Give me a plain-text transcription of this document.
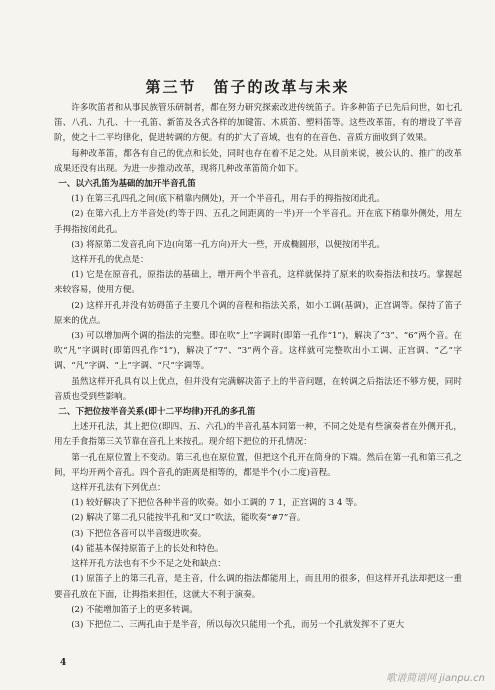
第三节　笛子的改革与未来

许多吹笛者和从事民族管乐研制者，都在努力研究探索改进传统笛子。许多种笛子已先后问世，如七孔笛、八孔、九孔、十一孔笛、新笛及各式各样的加键笛、木质笛、塑料笛等。这些改革笛，有的增设了半音阶，使之十二平均律化，促进转调的方便。有的扩大了音域，也有的在音色、音质方面收到了效果。

每种改革笛，都各有自己的优点和长处，同时也存在着不足之处。从目前来说，被公认的、推广的改革成果还没有出现。为进一步推动改革，现将几种改革笛简介如下。

一、以六孔笛为基础的加开半音孔笛

(1) 在第三孔四孔之间(底下稍靠内侧处)，开一个半音孔，用右手的拇指按闭此孔。

(2) 在第六孔上方半音处(约等于四、五孔之间距离的一半)开一个半音孔。开在底下稍靠外侧处，用左手拇指按闭此孔。

(3) 将原第二发音孔向下边(向第一孔方向)开大一些，开成椭圆形，以便按闭半孔。

这样开孔的优点是：

(1) 它是在原音孔，原指法的基础上，增开两个半音孔，这样就保持了原来的吹奏指法和技巧。掌握起来较容易，使用方便。

(2) 这样开孔并没有妨碍笛子主要几个调的音程和指法关系，如小工调(基调)，正宫调等。保持了笛子原来的优点。

(3) 可以增加两个调的指法的完整。即在吹“上”字调时(即第一孔作“1”)，解决了“3”、“6”两个音。在吹“凡”字调时(即第四孔作“1”)，解决了“7”、“3”两个音。这样就可完整吹出小工调、正宫调、“乙”字调、“凡”字调、“上”字调、“尺”字调等。

虽然这样开孔具有以上优点，但并没有完满解决笛子上的半音问题，在转调之后指法还不够方便，同时音质也受到些影响。

二、下把位按半音关系(即十二平均律)开孔的多孔笛

上述开孔法，其上把位(即四、五、六孔)的半音孔基本同第一种，不同之处是有些演奏者在外侧开孔，用左手食指第三关节靠在音孔上来按孔。现介绍下把位的开孔情况：

第一孔在原位置上不变动。第三孔也在原位置，但把这个孔开在筒身的下端。然后在第一孔和第三孔之间，平均开两个音孔。四个音孔的距离是相等的，都是半个(小二度)音程。

这样开孔法有下列优点：

(1) 较好解决了下把位各种半音的吹奏。如小工调的 7 1，正宫调的 3 4 等。

(2) 解决了第二孔只能按半孔和“叉口”吹法，能吹奏“#7”音。

(3) 下把位各音可以半音级进吹奏。

(4) 能基本保持原笛子上的长处和特色。

这样开孔方法也有不少不足之处和缺点：

(1) 原笛子上的第三孔音，是主音，什么调的指法都能用上，而且用的很多，但这样开孔法却把这一重要音孔放在下面，让拇指来担任，这就大不利于演奏。

(2) 不能增加笛子上的更多转调。

(3) 下把位二、三两孔由于是半音，所以每次只能用一个孔，而另一个孔就发挥不了更大

4
歌谱简谱网 jianpu.cn
